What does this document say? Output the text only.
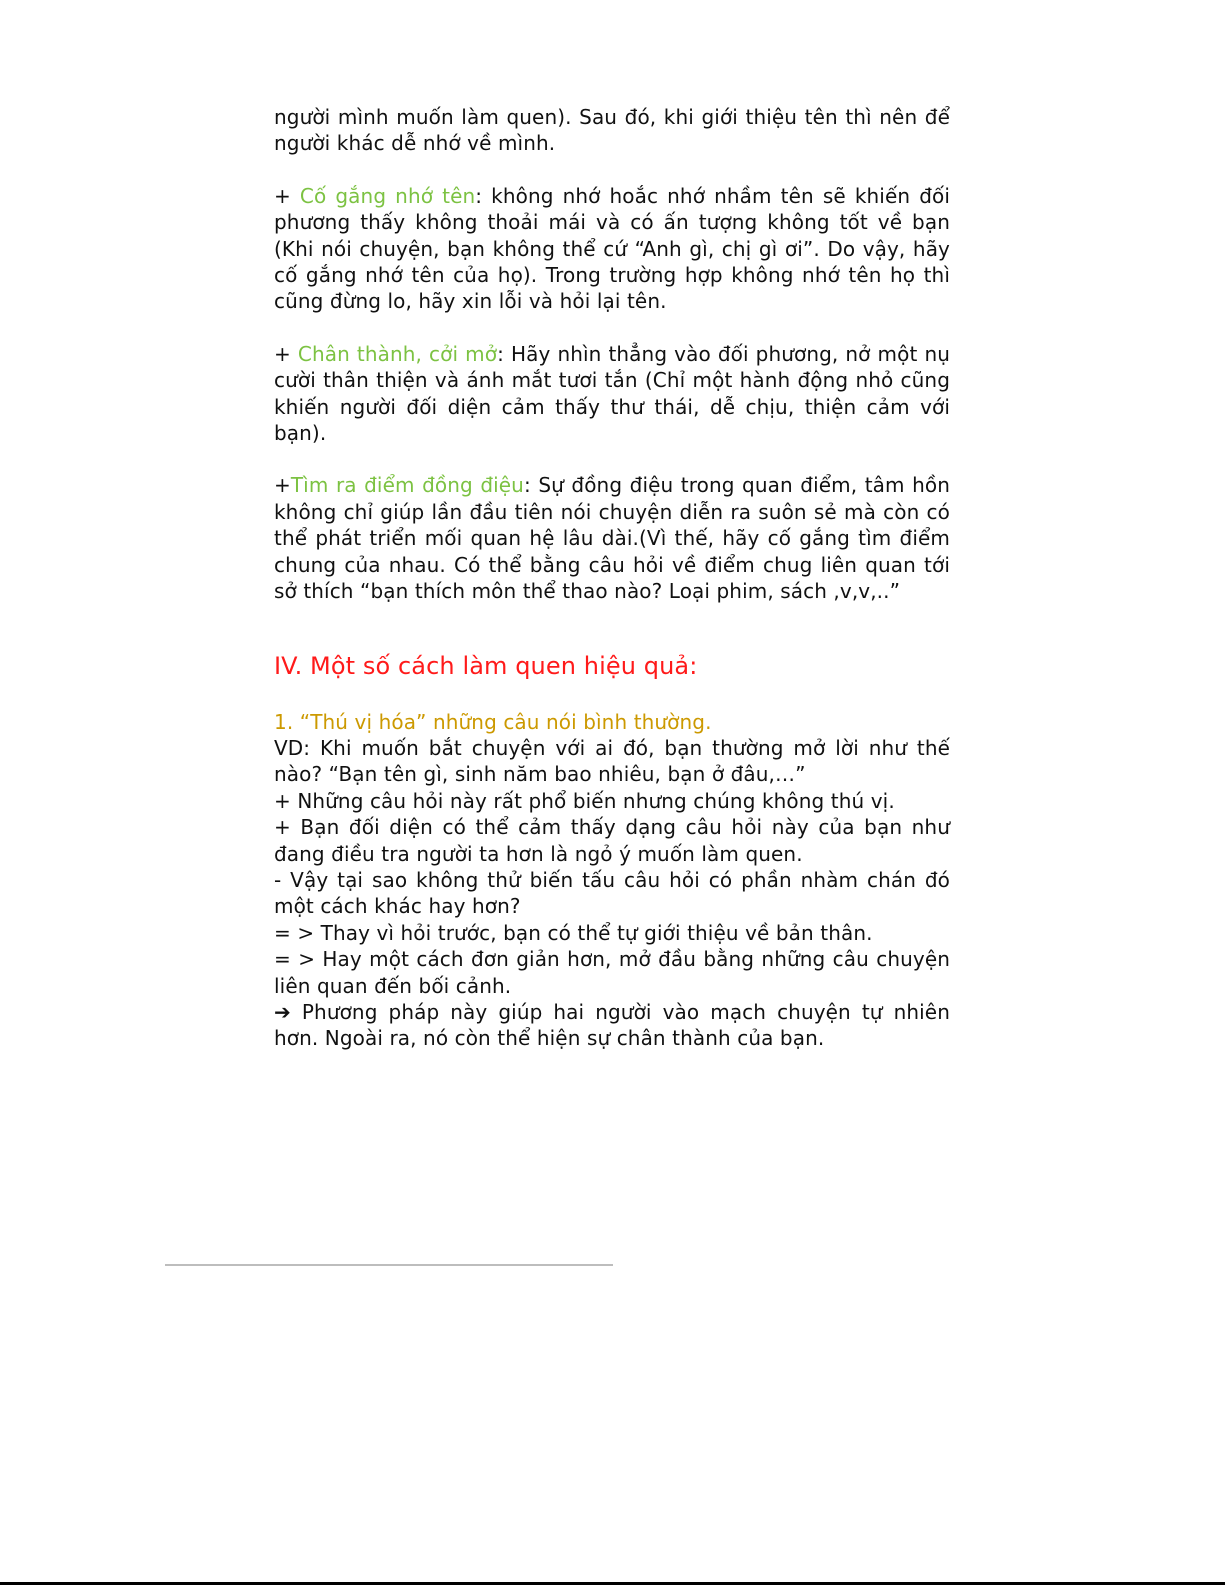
người mình muốn làm quen). Sau đó, khi giới thiệu tên thì nên để người khác dễ nhớ về mình.

+ Cố gắng nhớ tên: không nhớ hoắc nhớ nhầm tên sẽ khiến đối phương thấy không thoải mái và có ấn tượng không tốt về bạn (Khi nói chuyện, bạn không thể cứ “Anh gì, chị gì ơi”. Do vậy, hãy cố gắng nhớ tên của họ). Trong trường hợp không nhớ tên họ thì cũng đừng lo, hãy xin lỗi và hỏi lại tên.

+ Chân thành, cởi mở: Hãy nhìn thẳng vào đối phương, nở một nụ cười thân thiện và ánh mắt tươi tắn (Chỉ một hành động nhỏ cũng khiến người đối diện cảm thấy thư thái, dễ chịu, thiện cảm với bạn).

+Tìm ra điểm đồng điệu: Sự đồng điệu trong quan điểm, tâm hồn không chỉ giúp lần đầu tiên nói chuyện diễn ra suôn sẻ mà còn có thể phát triển mối quan hệ lâu dài.(Vì thế, hãy cố gắng tìm điểm chung của nhau. Có thể bằng câu hỏi về điểm chug liên quan tới sở thích “bạn thích môn thể thao nào? Loại phim, sách ,v,v,..”

IV. Một số cách làm quen hiệu quả:

1. “Thú vị hóa” những câu nói bình thường.

VD: Khi muốn bắt chuyện với ai đó, bạn thường mở lời như thế nào? “Bạn tên gì, sinh năm bao nhiêu, bạn ở đâu,…”

+ Những câu hỏi này rất phổ biến nhưng chúng không thú vị.

+ Bạn đối diện có thể cảm thấy dạng câu hỏi này của bạn như đang điều tra người ta hơn là ngỏ ý muốn làm quen.

- Vậy tại sao không thử biến tấu câu hỏi có phần nhàm chán đó một cách khác hay hơn?

= > Thay vì hỏi trước, bạn có thể tự giới thiệu về bản thân.

= > Hay một cách đơn giản hơn, mở đầu bằng những câu chuyện liên quan đến bối cảnh.

➔ Phương pháp này giúp hai người vào mạch chuyện tự nhiên hơn. Ngoài ra, nó còn thể hiện sự chân thành của bạn.
